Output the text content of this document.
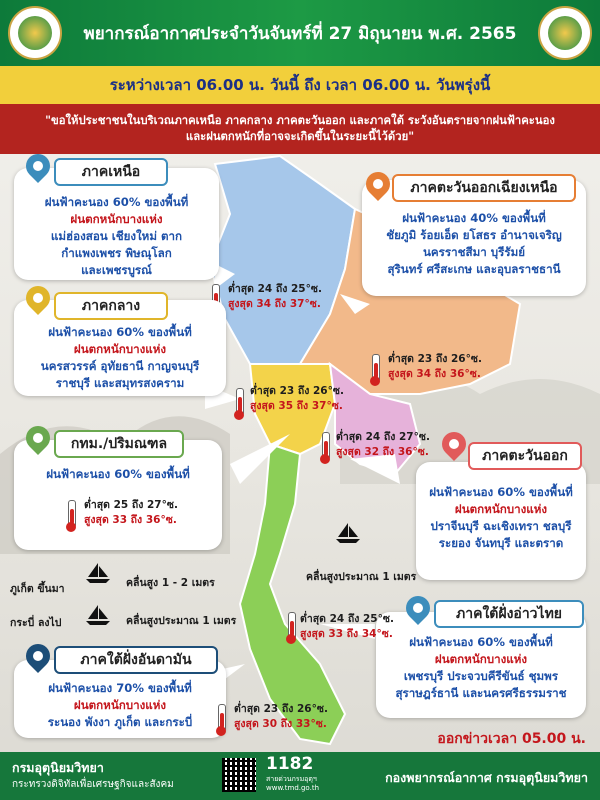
พยากรณ์อากาศประจำวันจันทร์ที่ 27 มิถุนายน พ.ศ. 2565
ระหว่างเวลา 06.00 น. วันนี้ ถึง เวลา 06.00 น. วันพรุ่งนี้
"ขอให้ประชาชนในบริเวณภาคเหนือ ภาคกลาง ภาคตะวันออก และภาคใต้ ระวังอันตรายจากฝนฟ้าคะนอง
และฝนตกหนักที่อาจจะเกิดขึ้นในระยะนี้ไว้ด้วย"
ภาคเหนือ
ฝนฟ้าคะนอง 60% ของพื้นที่
ฝนตกหนักบางแห่ง
แม่ฮ่องสอน เชียงใหม่ ตาก
กำแพงเพชร พิษณุโลก
และเพชรบูรณ์
ต่ำสุด 24 ถึง 25°ซ.
สูงสุด 34 ถึง 37°ซ.
ภาคตะวันออกเฉียงเหนือ
ฝนฟ้าคะนอง 40% ของพื้นที่
ชัยภูมิ ร้อยเอ็ด ยโสธร อำนาจเจริญ
นครราชสีมา บุรีรัมย์
สุรินทร์ ศรีสะเกษ และอุบลราชธานี
ต่ำสุด 23 ถึง 26°ซ.
สูงสุด 34 ถึง 36°ซ.
ภาคกลาง
ฝนฟ้าคะนอง 60% ของพื้นที่
ฝนตกหนักบางแห่ง
นครสวรรค์ อุทัยธานี กาญจนบุรี
ราชบุรี และสมุทรสงคราม
ต่ำสุด 23 ถึง 26°ซ.
สูงสุด 35 ถึง 37°ซ.
กทม./ปริมณฑล
ฝนฟ้าคะนอง 60% ของพื้นที่
ต่ำสุด 25 ถึง 27°ซ.
สูงสุด 33 ถึง 36°ซ.
ภาคตะวันออก
ฝนฟ้าคะนอง 60% ของพื้นที่
ฝนตกหนักบางแห่ง
ปราจีนบุรี ฉะเชิงเทรา ชลบุรี
ระยอง จันทบุรี และตราด
ต่ำสุด 24 ถึง 27°ซ.
สูงสุด 32 ถึง 36°ซ.
ภูเก็ต ขึ้นมา	คลื่นสูง 1 - 2 เมตร
กระบี่ ลงไป	คลื่นสูงประมาณ 1 เมตร
คลื่นสูงประมาณ 1 เมตร
ภาคใต้ฝั่งอ่าวไทย
ฝนฟ้าคะนอง 60% ของพื้นที่
ฝนตกหนักบางแห่ง
เพชรบุรี ประจวบคีรีขันธ์ ชุมพร
สุราษฎร์ธานี และนครศรีธรรมราช
ต่ำสุด 24 ถึง 25°ซ.
สูงสุด 33 ถึง 34°ซ.
ภาคใต้ฝั่งอันดามัน
ฝนฟ้าคะนอง 70% ของพื้นที่
ฝนตกหนักบางแห่ง
ระนอง พังงา ภูเก็ต และกระบี่
ต่ำสุด 23 ถึง 26°ซ.
สูงสุด 30 ถึง 33°ซ.
ออกข่าวเวลา 05.00 น.
กรมอุตุนิยมวิทยา
กระทรวงดิจิทัลเพื่อเศรษฐกิจและสังคม
1182
สายด่วนกรมอุตุฯ
www.tmd.go.th
กองพยากรณ์อากาศ กรมอุตุนิยมวิทยา
